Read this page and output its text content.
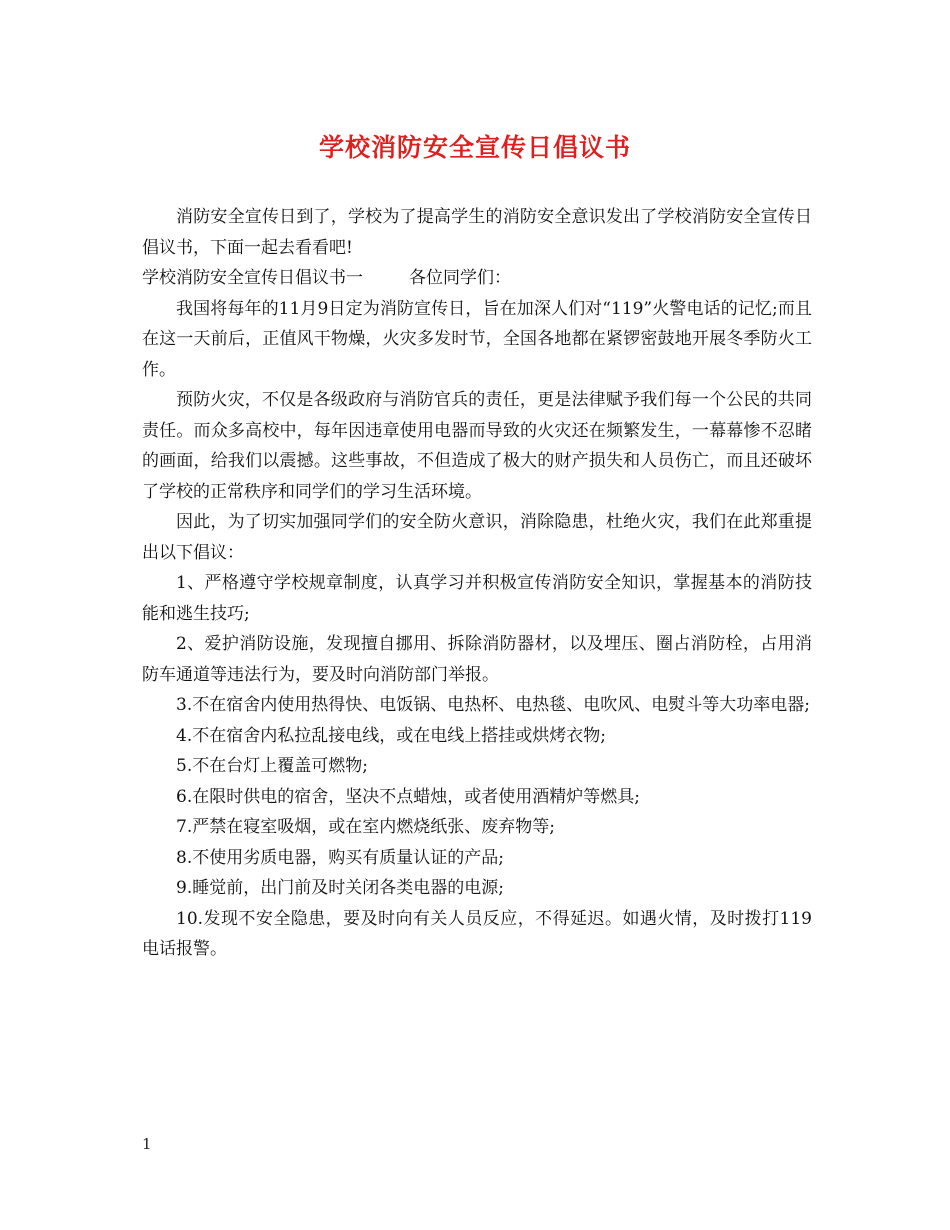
学校消防安全宣传日倡议书

消防安全宣传日到了，学校为了提高学生的消防安全意识发出了学校消防安全宣传日倡议书，下面一起去看看吧!

学校消防安全宣传日倡议书一	各位同学们：

我国将每年的11月9日定为消防宣传日，旨在加深人们对“119”火警电话的记忆;而且在这一天前后，正值风干物燥，火灾多发时节，全国各地都在紧锣密鼓地开展冬季防火工作。

预防火灾，不仅是各级政府与消防官兵的责任，更是法律赋予我们每一个公民的共同责任。而众多高校中，每年因违章使用电器而导致的火灾还在频繁发生，一幕幕惨不忍睹的画面，给我们以震撼。这些事故，不但造成了极大的财产损失和人员伤亡，而且还破坏了学校的正常秩序和同学们的学习生活环境。

因此，为了切实加强同学们的安全防火意识，消除隐患，杜绝火灾，我们在此郑重提出以下倡议：

1、严格遵守学校规章制度，认真学习并积极宣传消防安全知识，掌握基本的消防技能和逃生技巧;

2、爱护消防设施，发现擅自挪用、拆除消防器材，以及埋压、圈占消防栓，占用消防车通道等违法行为，要及时向消防部门举报。

3.不在宿舍内使用热得快、电饭锅、电热杯、电热毯、电吹风、电熨斗等大功率电器;

4.不在宿舍内私拉乱接电线，或在电线上搭挂或烘烤衣物;

5.不在台灯上覆盖可燃物;

6.在限时供电的宿舍，坚决不点蜡烛，或者使用酒精炉等燃具;

7.严禁在寝室吸烟，或在室内燃烧纸张、废弃物等;

8.不使用劣质电器，购买有质量认证的产品;

9.睡觉前，出门前及时关闭各类电器的电源;

10.发现不安全隐患，要及时向有关人员反应，不得延迟。如遇火情，及时拨打119电话报警。

1
